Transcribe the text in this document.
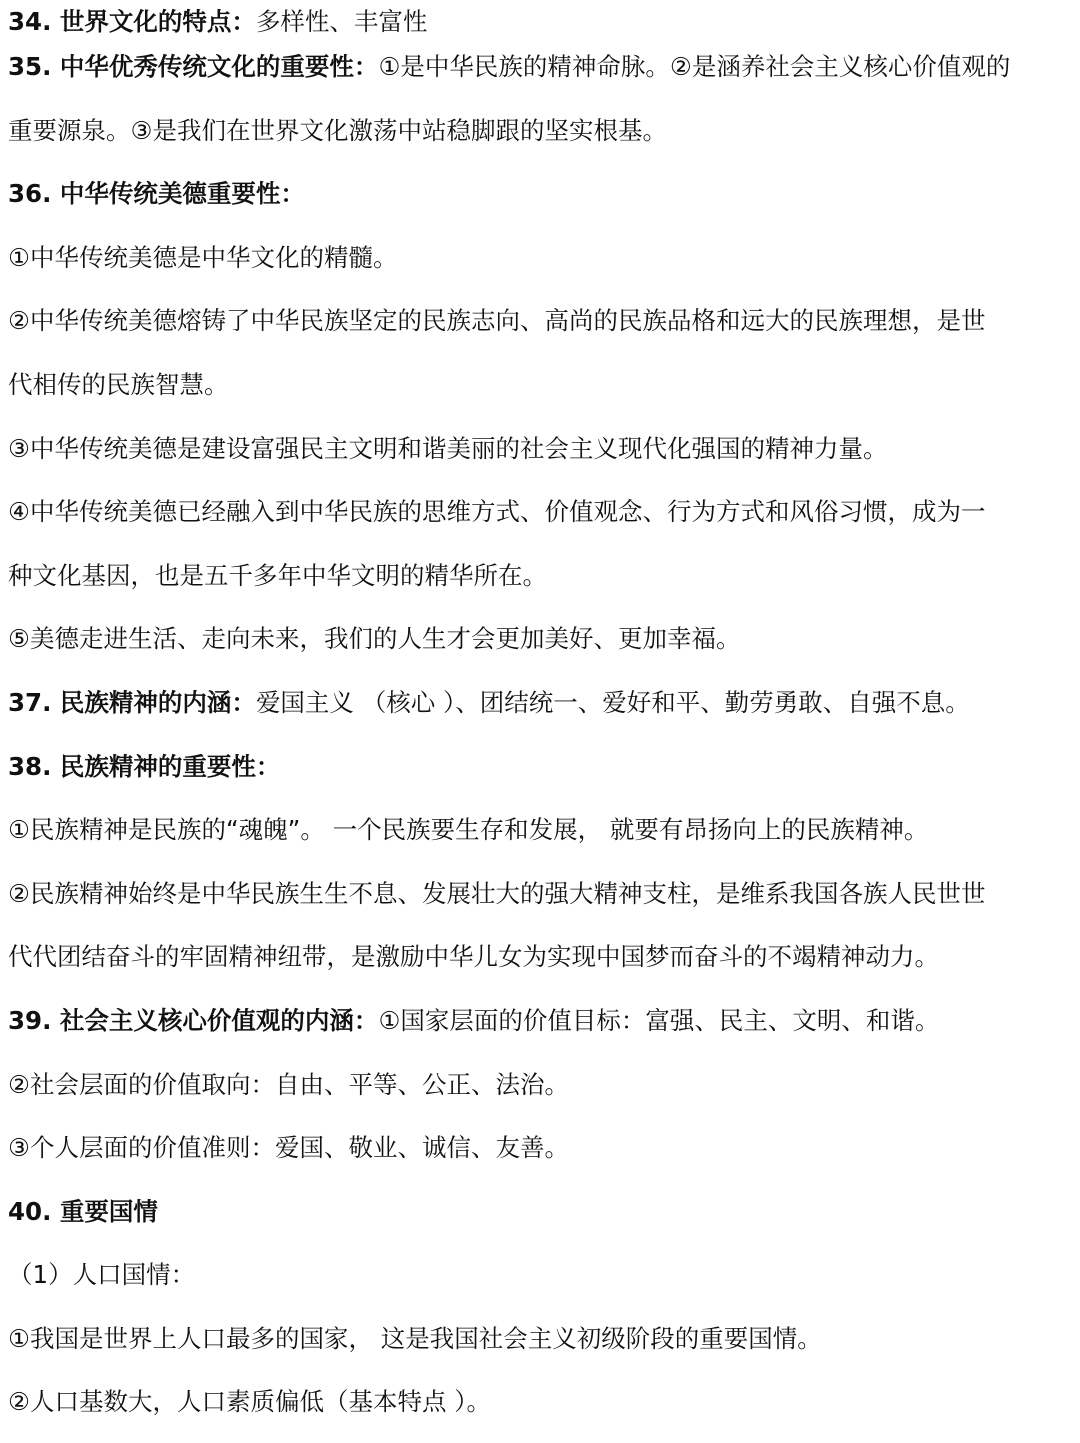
34. 世界文化的特点：多样性、丰富性
35. 中华优秀传统文化的重要性：①是中华民族的精神命脉。②是涵养社会主义核心价值观的
重要源泉。③是我们在世界文化激荡中站稳脚跟的坚实根基。
36. 中华传统美德重要性：
①中华传统美德是中华文化的精髓。
②中华传统美德熔铸了中华民族坚定的民族志向、高尚的民族品格和远大的民族理想，是世
代相传的民族智慧。
③中华传统美德是建设富强民主文明和谐美丽的社会主义现代化强国的精神力量。
④中华传统美德已经融入到中华民族的思维方式、价值观念、行为方式和风俗习惯，成为一
种文化基因，也是五千多年中华文明的精华所在。
⑤美德走进生活、走向未来，我们的人生才会更加美好、更加幸福。
37. 民族精神的内涵：爱国主义 （核心 ）、团结统一、爱好和平、勤劳勇敢、自强不息。
38. 民族精神的重要性：
①民族精神是民族的“魂魄”。 一个民族要生存和发展， 就要有昂扬向上的民族精神。
②民族精神始终是中华民族生生不息、发展壮大的强大精神支柱，是维系我国各族人民世世
代代团结奋斗的牢固精神纽带，是激励中华儿女为实现中国梦而奋斗的不竭精神动力。
39. 社会主义核心价值观的内涵：①国家层面的价值目标：富强、民主、文明、和谐。
②社会层面的价值取向：自由、平等、公正、法治。
③个人层面的价值准则：爱国、敬业、诚信、友善。
40. 重要国情
（1）人口国情：
①我国是世界上人口最多的国家， 这是我国社会主义初级阶段的重要国情。
②人口基数大，人口素质偏低（基本特点 ）。
